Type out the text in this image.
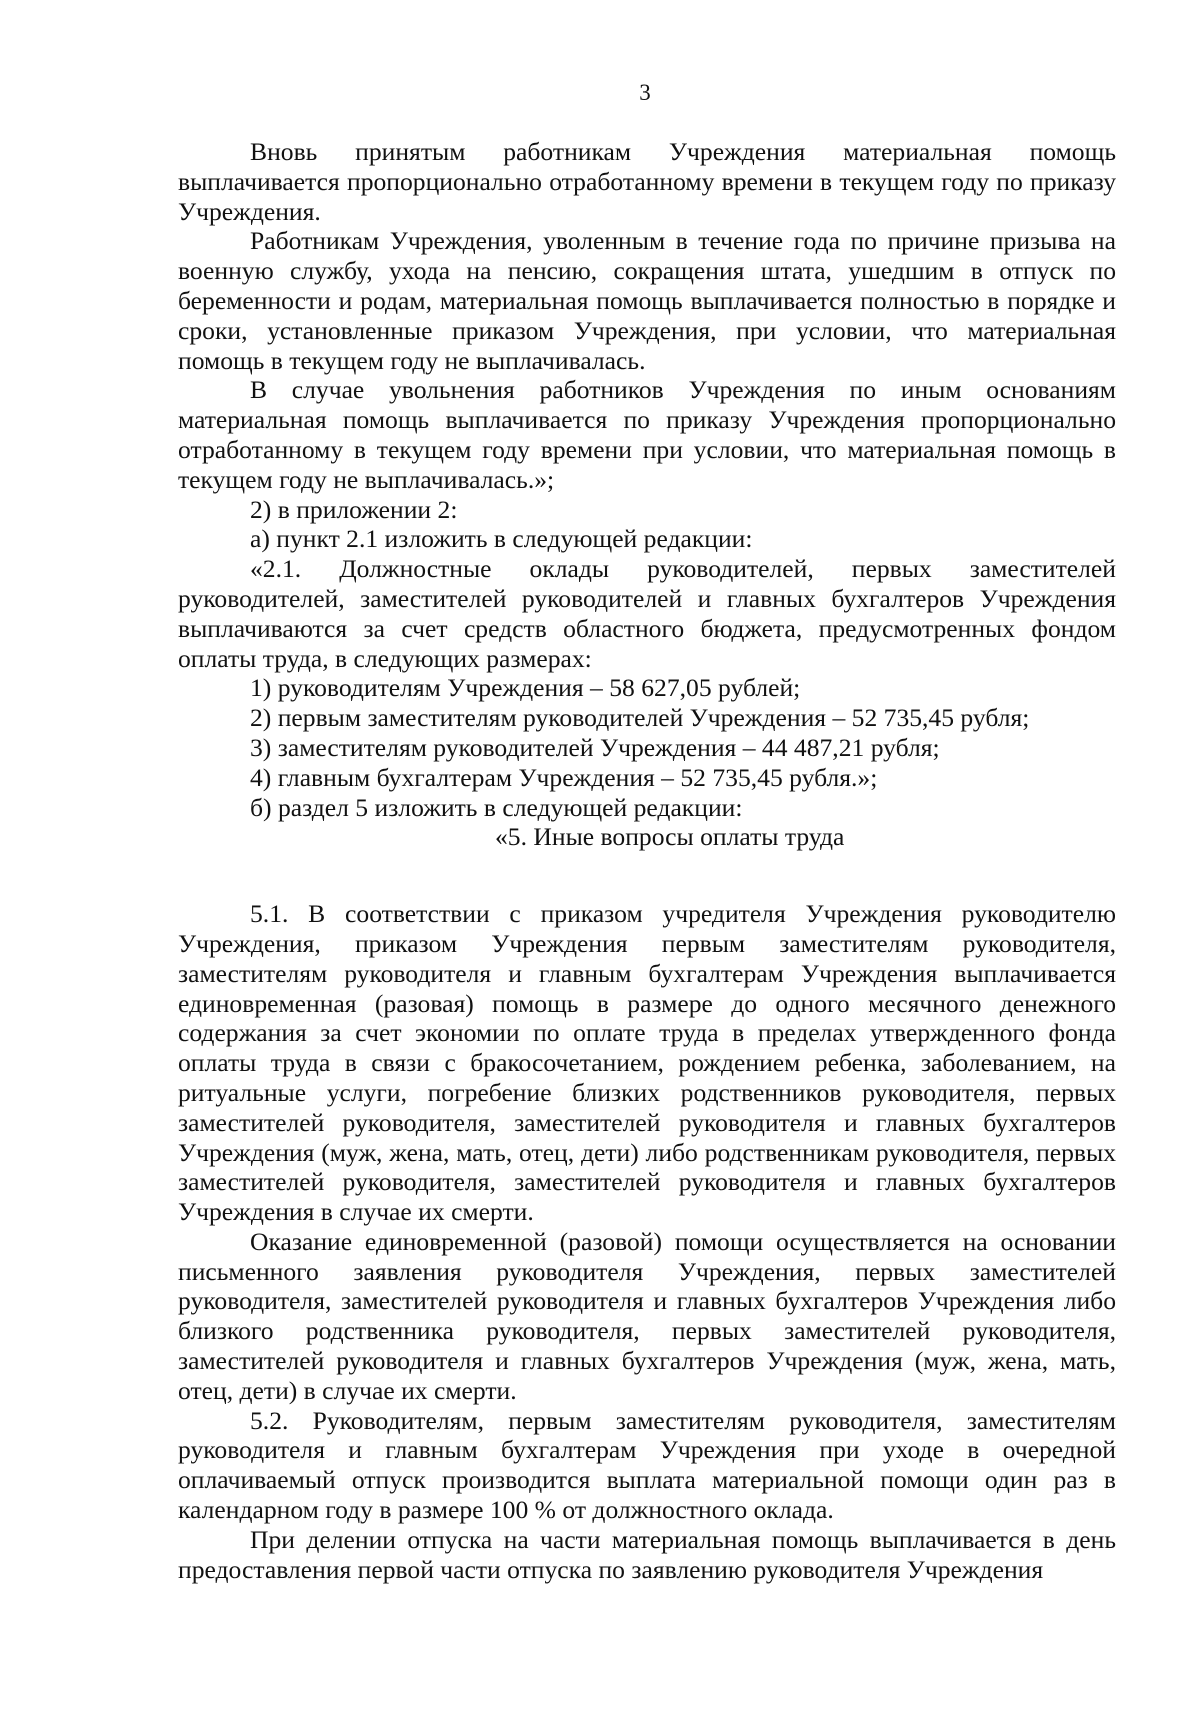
3

Вновь принятым работникам Учреждения материальная помощь выплачивается пропорционально отработанному времени в текущем году по приказу Учреждения.

Работникам Учреждения, уволенным в течение года по причине призыва на военную службу, ухода на пенсию, сокращения штата, ушедшим в отпуск по беременности и родам, материальная помощь выплачивается полностью в порядке и сроки, установленные приказом Учреждения, при условии, что материальная помощь в текущем году не выплачивалась.

В случае увольнения работников Учреждения по иным основаниям материальная помощь выплачивается по приказу Учреждения пропорционально отработанному в текущем году времени при условии, что материальная помощь в текущем году не выплачивалась.»;

2) в приложении 2:

а) пункт 2.1 изложить в следующей редакции:

«2.1. Должностные оклады руководителей, первых заместителей руководителей, заместителей руководителей и главных бухгалтеров Учреждения выплачиваются за счет средств областного бюджета, предусмотренных фондом оплаты труда, в следующих размерах:

1) руководителям Учреждения – 58 627,05 рублей;

2) первым заместителям руководителей Учреждения – 52 735,45 рубля;

3) заместителям руководителей Учреждения – 44 487,21 рубля;

4) главным бухгалтерам Учреждения – 52 735,45 рубля.»;

б) раздел 5 изложить в следующей редакции:

«5. Иные вопросы оплаты труда

5.1. В соответствии с приказом учредителя Учреждения руководителю Учреждения, приказом Учреждения первым заместителям руководителя, заместителям руководителя и главным бухгалтерам Учреждения выплачивается единовременная (разовая) помощь в размере до одного месячного денежного содержания за счет экономии по оплате труда в пределах утвержденного фонда оплаты труда в связи с бракосочетанием, рождением ребенка, заболеванием, на ритуальные услуги, погребение близких родственников руководителя, первых заместителей руководителя, заместителей руководителя и главных бухгалтеров Учреждения (муж, жена, мать, отец, дети) либо родственникам руководителя, первых заместителей руководителя, заместителей руководителя и главных бухгалтеров Учреждения в случае их смерти.

Оказание единовременной (разовой) помощи осуществляется на основании письменного заявления руководителя Учреждения, первых заместителей руководителя, заместителей руководителя и главных бухгалтеров Учреждения либо близкого родственника руководителя, первых заместителей руководителя, заместителей руководителя и главных бухгалтеров Учреждения (муж, жена, мать, отец, дети) в случае их смерти.

5.2. Руководителям, первым заместителям руководителя, заместителям руководителя и главным бухгалтерам Учреждения при уходе в очередной оплачиваемый отпуск производится выплата материальной помощи один раз в календарном году в размере 100 % от должностного оклада.

При делении отпуска на части материальная помощь выплачивается в день предоставления первой части отпуска по заявлению руководителя Учреждения
